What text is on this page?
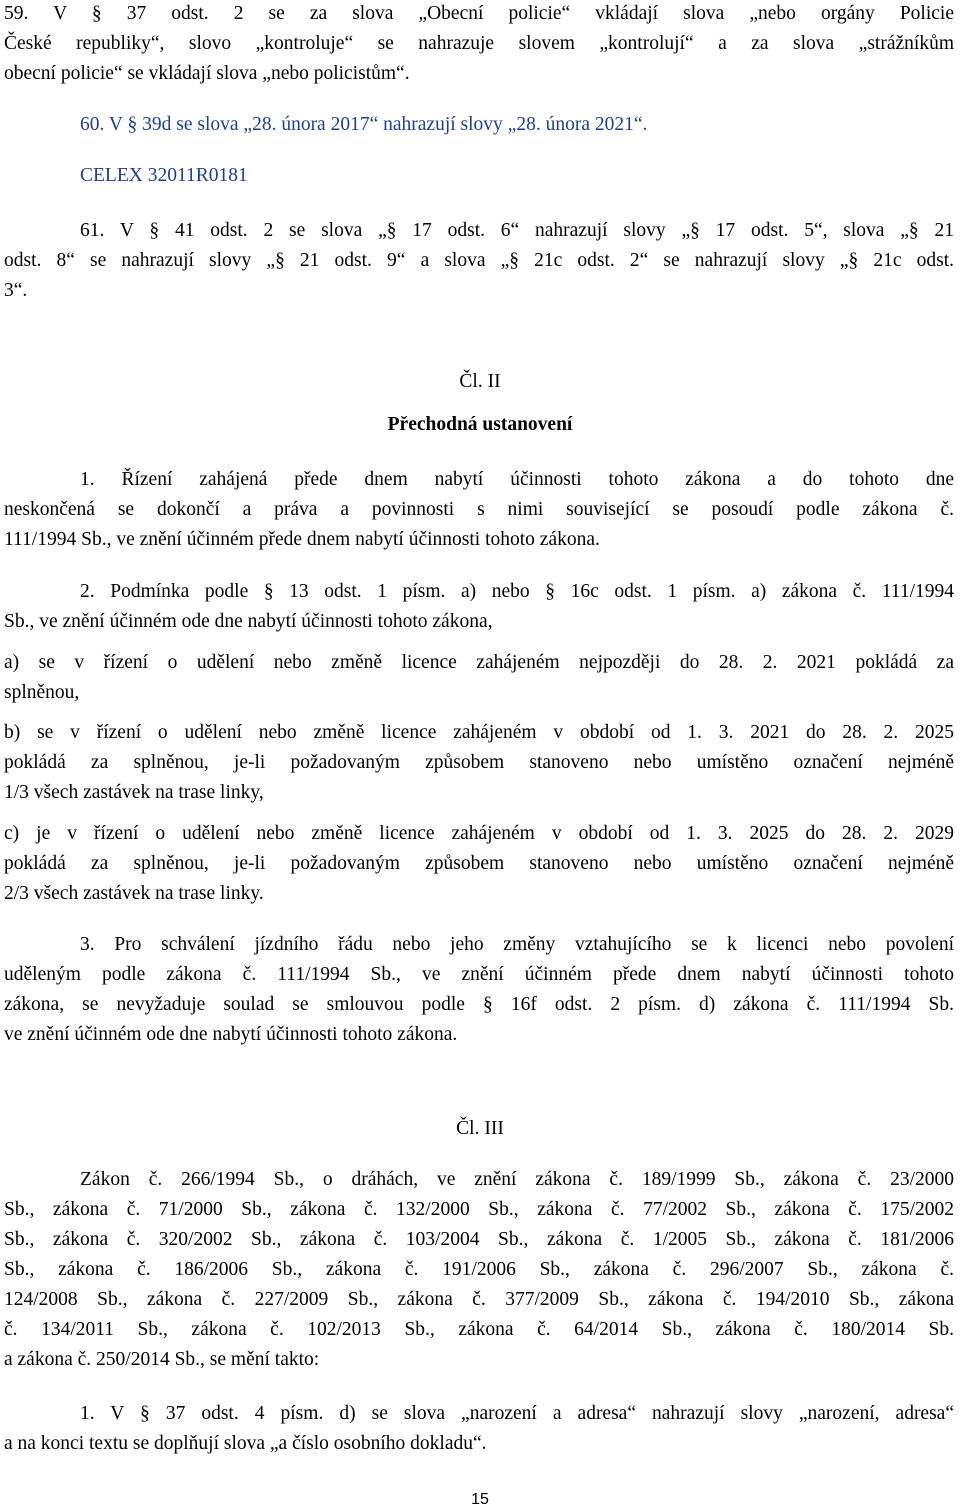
59. V § 37 odst. 2 se za slova „Obecní policie“ vkládají slova „nebo orgány Policie
České republiky“, slovo „kontroluje“ se nahrazuje slovem „kontrolují“ a za slova „strážníkům
obecní policie“ se vkládají slova „nebo policistům“.
60. V § 39d se slova „28. února 2017“ nahrazují slovy „28. února 2021“.
CELEX 32011R0181
61. V § 41 odst. 2 se slova „§ 17 odst. 6“ nahrazují slovy „§ 17 odst. 5“, slova „§ 21
odst. 8“ se nahrazují slovy „§ 21 odst. 9“ a slova „§ 21c odst. 2“ se nahrazují slovy „§ 21c odst.
3“.
Čl. II
Přechodná ustanovení
1. Řízení zahájená přede dnem nabytí účinnosti tohoto zákona a do tohoto dne
neskončená se dokončí a práva a povinnosti s nimi související se posoudí podle zákona č.
111/1994 Sb., ve znění účinném přede dnem nabytí účinnosti tohoto zákona.
2. Podmínka podle § 13 odst. 1 písm. a) nebo § 16c odst. 1 písm. a) zákona č. 111/1994
Sb., ve znění účinném ode dne nabytí účinnosti tohoto zákona,
a) se v řízení o udělení nebo změně licence zahájeném nejpozději do 28. 2. 2021 pokládá za
splněnou,
b) se v řízení o udělení nebo změně licence zahájeném v období od 1. 3. 2021 do 28. 2. 2025
pokládá za splněnou, je-li požadovaným způsobem stanoveno nebo umístěno označení nejméně
1/3 všech zastávek na trase linky,
c) je v řízení o udělení nebo změně licence zahájeném v období od 1. 3. 2025 do 28. 2. 2029
pokládá za splněnou, je-li požadovaným způsobem stanoveno nebo umístěno označení nejméně
2/3 všech zastávek na trase linky.
3. Pro schválení jízdního řádu nebo jeho změny vztahujícího se k licenci nebo povolení
uděleným podle zákona č. 111/1994 Sb., ve znění účinném přede dnem nabytí účinnosti tohoto
zákona, se nevyžaduje soulad se smlouvou podle § 16f odst. 2 písm. d) zákona č. 111/1994 Sb.
ve znění účinném ode dne nabytí účinnosti tohoto zákona.
Čl. III
Zákon č. 266/1994 Sb., o dráhách, ve znění zákona č. 189/1999 Sb., zákona č. 23/2000
Sb., zákona č. 71/2000 Sb., zákona č. 132/2000 Sb., zákona č. 77/2002 Sb., zákona č. 175/2002
Sb., zákona č. 320/2002 Sb., zákona č. 103/2004 Sb., zákona č. 1/2005 Sb., zákona č. 181/2006
Sb., zákona č. 186/2006 Sb., zákona č. 191/2006 Sb., zákona č. 296/2007 Sb., zákona č.
124/2008 Sb., zákona č. 227/2009 Sb., zákona č. 377/2009 Sb., zákona č. 194/2010 Sb., zákona
č. 134/2011 Sb., zákona č. 102/2013 Sb., zákona č. 64/2014 Sb., zákona č. 180/2014 Sb.
a zákona č. 250/2014 Sb., se mění takto:
1. V § 37 odst. 4 písm. d) se slova „narození a adresa“ nahrazují slovy „narození, adresa“
a na konci textu se doplňují slova „a číslo osobního dokladu“.
15
